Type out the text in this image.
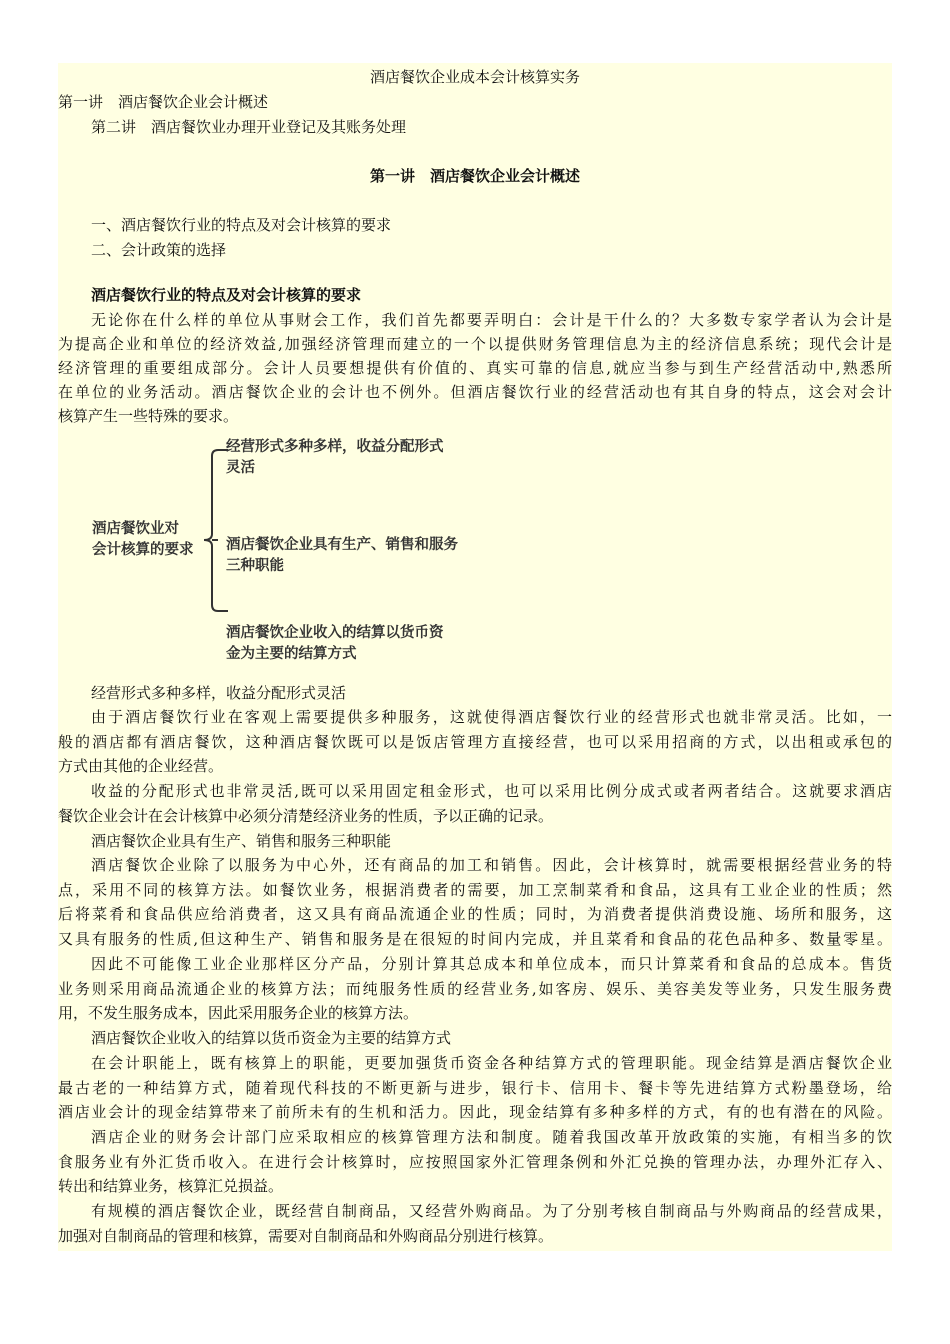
酒店餐饮企业成本会计核算实务
第一讲　酒店餐饮企业会计概述
第二讲　酒店餐饮业办理开业登记及其账务处理
第一讲　酒店餐饮企业会计概述
一、酒店餐饮行业的特点及对会计核算的要求
二、会计政策的选择
酒店餐饮行业的特点及对会计核算的要求
无论你在什么样的单位从事财会工作，我们首先都要弄明白：会计是干什么的？大多数专家学者认为会计是
为提高企业和单位的经济效益,加强经济管理而建立的一个以提供财务管理信息为主的经济信息系统；现代会计是
经济管理的重要组成部分。会计人员要想提供有价值的、真实可靠的信息,就应当参与到生产经营活动中,熟悉所
在单位的业务活动。酒店餐饮企业的会计也不例外。但酒店餐饮行业的经营活动也有其自身的特点，这会对会计
核算产生一些特殊的要求。
酒店餐饮业对
会计核算的要求
经营形式多种多样，收益分配形式
灵活
酒店餐饮企业具有生产、销售和服务
三种职能
酒店餐饮企业收入的结算以货币资
金为主要的结算方式
经营形式多种多样，收益分配形式灵活
由于酒店餐饮行业在客观上需要提供多种服务，这就使得酒店餐饮行业的经营形式也就非常灵活。比如，一
般的酒店都有酒店餐饮，这种酒店餐饮既可以是饭店管理方直接经营，也可以采用招商的方式，以出租或承包的
方式由其他的企业经营。
收益的分配形式也非常灵活,既可以采用固定租金形式，也可以采用比例分成式或者两者结合。这就要求酒店
餐饮企业会计在会计核算中必须分清楚经济业务的性质，予以正确的记录。
酒店餐饮企业具有生产、销售和服务三种职能
酒店餐饮企业除了以服务为中心外，还有商品的加工和销售。因此，会计核算时，就需要根据经营业务的特
点，采用不同的核算方法。如餐饮业务，根据消费者的需要，加工烹制菜肴和食品，这具有工业企业的性质；然
后将菜肴和食品供应给消费者，这又具有商品流通企业的性质；同时，为消费者提供消费设施、场所和服务，这
又具有服务的性质,但这种生产、销售和服务是在很短的时间内完成，并且菜肴和食品的花色品种多、数量零星。
因此不可能像工业企业那样区分产品，分别计算其总成本和单位成本，而只计算菜肴和食品的总成本。售货
业务则采用商品流通企业的核算方法；而纯服务性质的经营业务,如客房、娱乐、美容美发等业务，只发生服务费
用，不发生服务成本，因此采用服务企业的核算方法。
酒店餐饮企业收入的结算以货币资金为主要的结算方式
在会计职能上，既有核算上的职能，更要加强货币资金各种结算方式的管理职能。现金结算是酒店餐饮企业
最古老的一种结算方式，随着现代科技的不断更新与进步，银行卡、信用卡、餐卡等先进结算方式粉墨登场，给
酒店业会计的现金结算带来了前所未有的生机和活力。因此，现金结算有多种多样的方式，有的也有潜在的风险。
酒店企业的财务会计部门应采取相应的核算管理方法和制度。随着我国改革开放政策的实施，有相当多的饮
食服务业有外汇货币收入。在进行会计核算时，应按照国家外汇管理条例和外汇兑换的管理办法，办理外汇存入、
转出和结算业务，核算汇兑损益。
有规模的酒店餐饮企业，既经营自制商品，又经营外购商品。为了分别考核自制商品与外购商品的经营成果，
加强对自制商品的管理和核算，需要对自制商品和外购商品分别进行核算。
